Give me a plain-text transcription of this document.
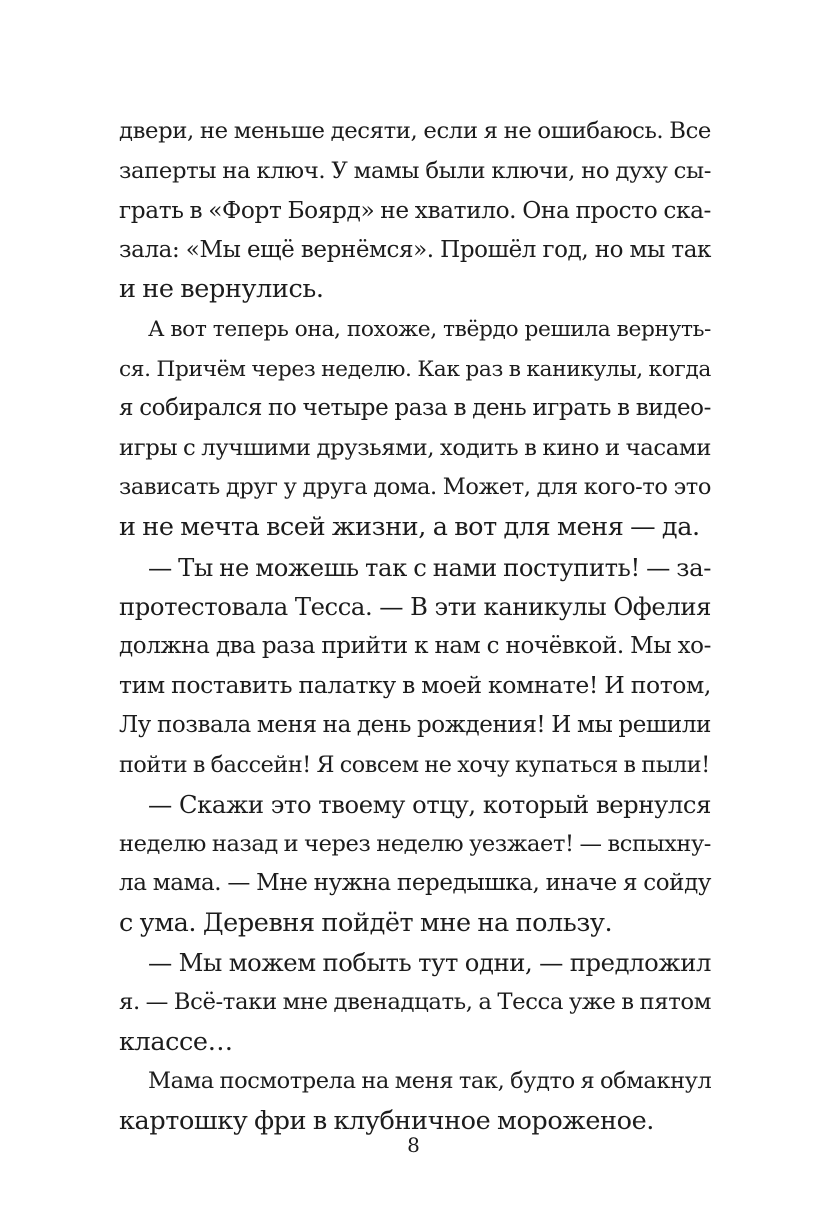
двери, не меньше десяти, если я не ошибаюсь. Все
заперты на ключ. У мамы были ключи, но духу сы-
грать в «Форт Боярд» не хватило. Она просто ска-
зала: «Мы ещё вернёмся». Прошёл год, но мы так
и не вернулись.
А вот теперь она, похоже, твёрдо решила вернуть-
ся. Причём через неделю. Как раз в каникулы, когда
я собирался по четыре раза в день играть в видео-
игры с лучшими друзьями, ходить в кино и часами
зависать друг у друга дома. Может, для кого-то это
и не мечта всей жизни, а вот для меня — да.
— Ты не можешь так с нами поступить! — за-
протестовала Тесса. — В эти каникулы Офелия
должна два раза прийти к нам с ночёвкой. Мы хо-
тим поставить палатку в моей комнате! И потом,
Лу позвала меня на день рождения! И мы решили
пойти в бассейн! Я совсем не хочу купаться в пыли!
— Скажи это твоему отцу, который вернулся
неделю назад и через неделю уезжает! — вспыхну-
ла мама. — Мне нужна передышка, иначе я сойду
с ума. Деревня пойдёт мне на пользу.
— Мы можем побыть тут одни, — предложил
я. — Всё-таки мне двенадцать, а Тесса уже в пятом
классе…
Мама посмотрела на меня так, будто я обмакнул
картошку фри в клубничное мороженое.
8
